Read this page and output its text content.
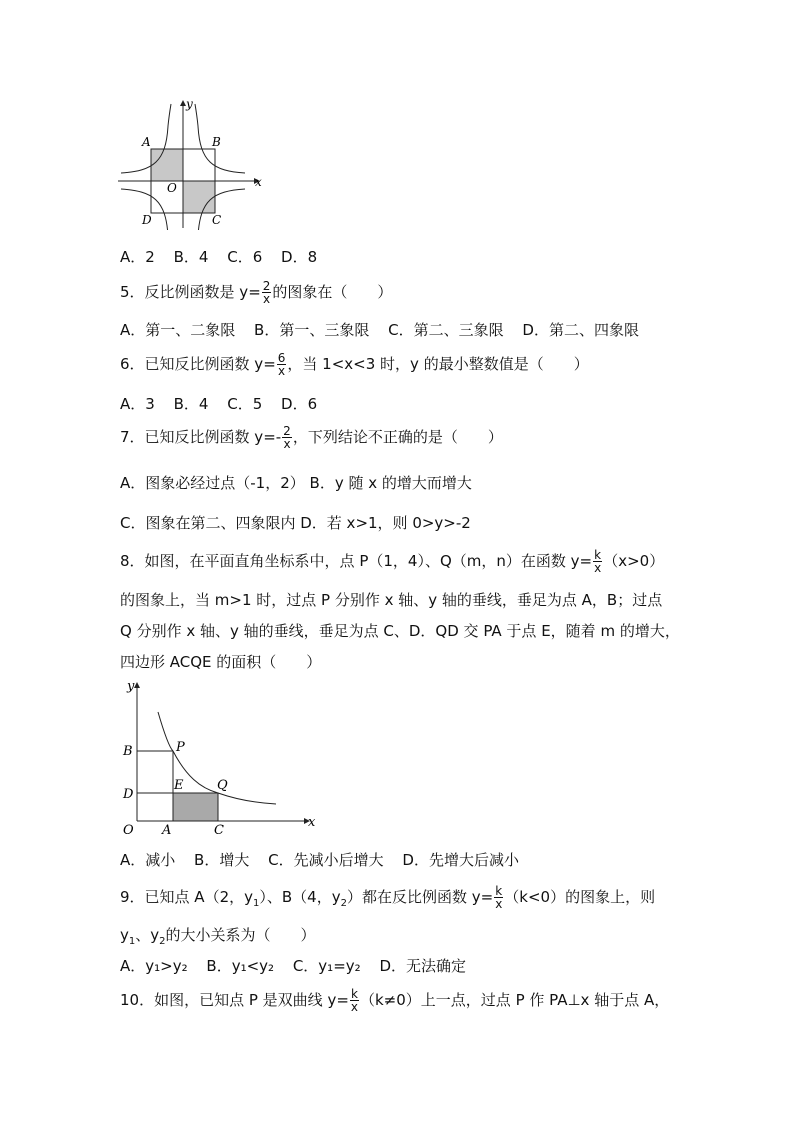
y
x
A	B
O
D	C
A．2 B．4 C．6 D．8
5．反比例函数是 $y= \frac{2}{x}$ 的图象在（　　）
A．第一、二象限 B．第一、三象限 C．第二、三象限 D．第二、四象限
6．已知反比例函数 $y= \frac{6}{x}$ ，当 1<x<3 时，y 的最小整数值是（　　）
A．3 B．4 C．5 D．6
7．已知反比例函数 $y=- \frac{2}{x}$ ，下列结论不正确的是（　　）
A．图象必经过点（-1，2） B．y 随 x 的增大而增大
C．图象在第二、四象限内 D．若 x>1，则 0>y>-2
8．如图，在平面直角坐标系中，点 P（1，4）、Q（m，n）在函数 $y= \frac{k}{x} (x>0)$
的图象上，当 m>1 时，过点 P 分别作 x 轴、y 轴的垂线，垂足为点 A，B；过点
Q 分别作 x 轴、y 轴的垂线，垂足为点 C、D．QD 交 PA 于点 E，随着 m 的增大，
四边形 ACQE 的面积（　　）
y
x
B	P
E	Q
D
O A	C
A．减小 B．增大 C．先减小后增大 D．先增大后减小
9．已知点 A（2，$y_1$）、B（4，$y_2$）都在反比例函数 $y= \frac{k}{x} (k<0)$的图象上，则
$y_1$、$y_2$的大小关系为（　　）
A．y₁>y₂ B．y₁<y₂ C．y₁=y₂ D．无法确定
10．如图，已知点 P 是双曲线 $y= \frac{k}{x} (k\ne 0)$上一点，过点 P 作 PA⊥x 轴于点 A，
